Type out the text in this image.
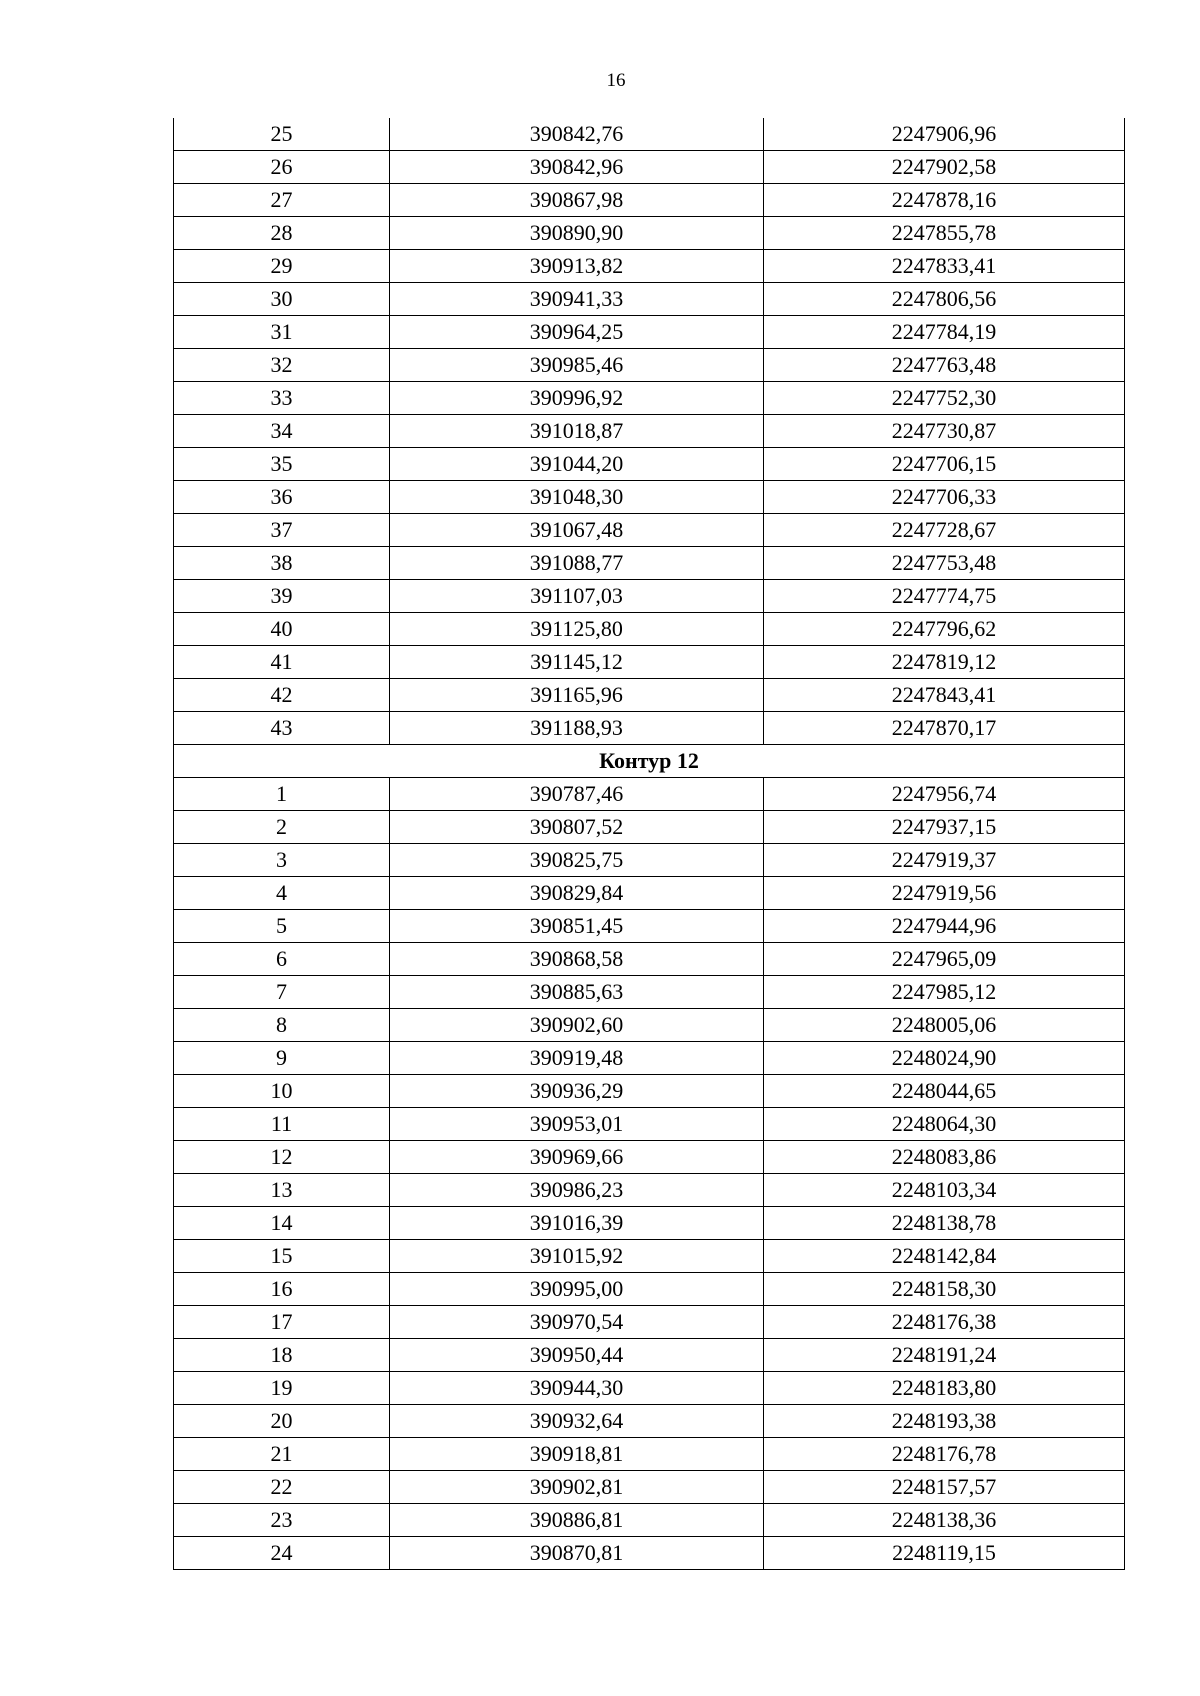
16
25	390842,76	2247906,96
26	390842,96	2247902,58
27	390867,98	2247878,16
28	390890,90	2247855,78
29	390913,82	2247833,41
30	390941,33	2247806,56
31	390964,25	2247784,19
32	390985,46	2247763,48
33	390996,92	2247752,30
34	391018,87	2247730,87
35	391044,20	2247706,15
36	391048,30	2247706,33
37	391067,48	2247728,67
38	391088,77	2247753,48
39	391107,03	2247774,75
40	391125,80	2247796,62
41	391145,12	2247819,12
42	391165,96	2247843,41
43	391188,93	2247870,17
Контур 12		
1	390787,46	2247956,74
2	390807,52	2247937,15
3	390825,75	2247919,37
4	390829,84	2247919,56
5	390851,45	2247944,96
6	390868,58	2247965,09
7	390885,63	2247985,12
8	390902,60	2248005,06
9	390919,48	2248024,90
10	390936,29	2248044,65
11	390953,01	2248064,30
12	390969,66	2248083,86
13	390986,23	2248103,34
14	391016,39	2248138,78
15	391015,92	2248142,84
16	390995,00	2248158,30
17	390970,54	2248176,38
18	390950,44	2248191,24
19	390944,30	2248183,80
20	390932,64	2248193,38
21	390918,81	2248176,78
22	390902,81	2248157,57
23	390886,81	2248138,36
24	390870,81	2248119,15
